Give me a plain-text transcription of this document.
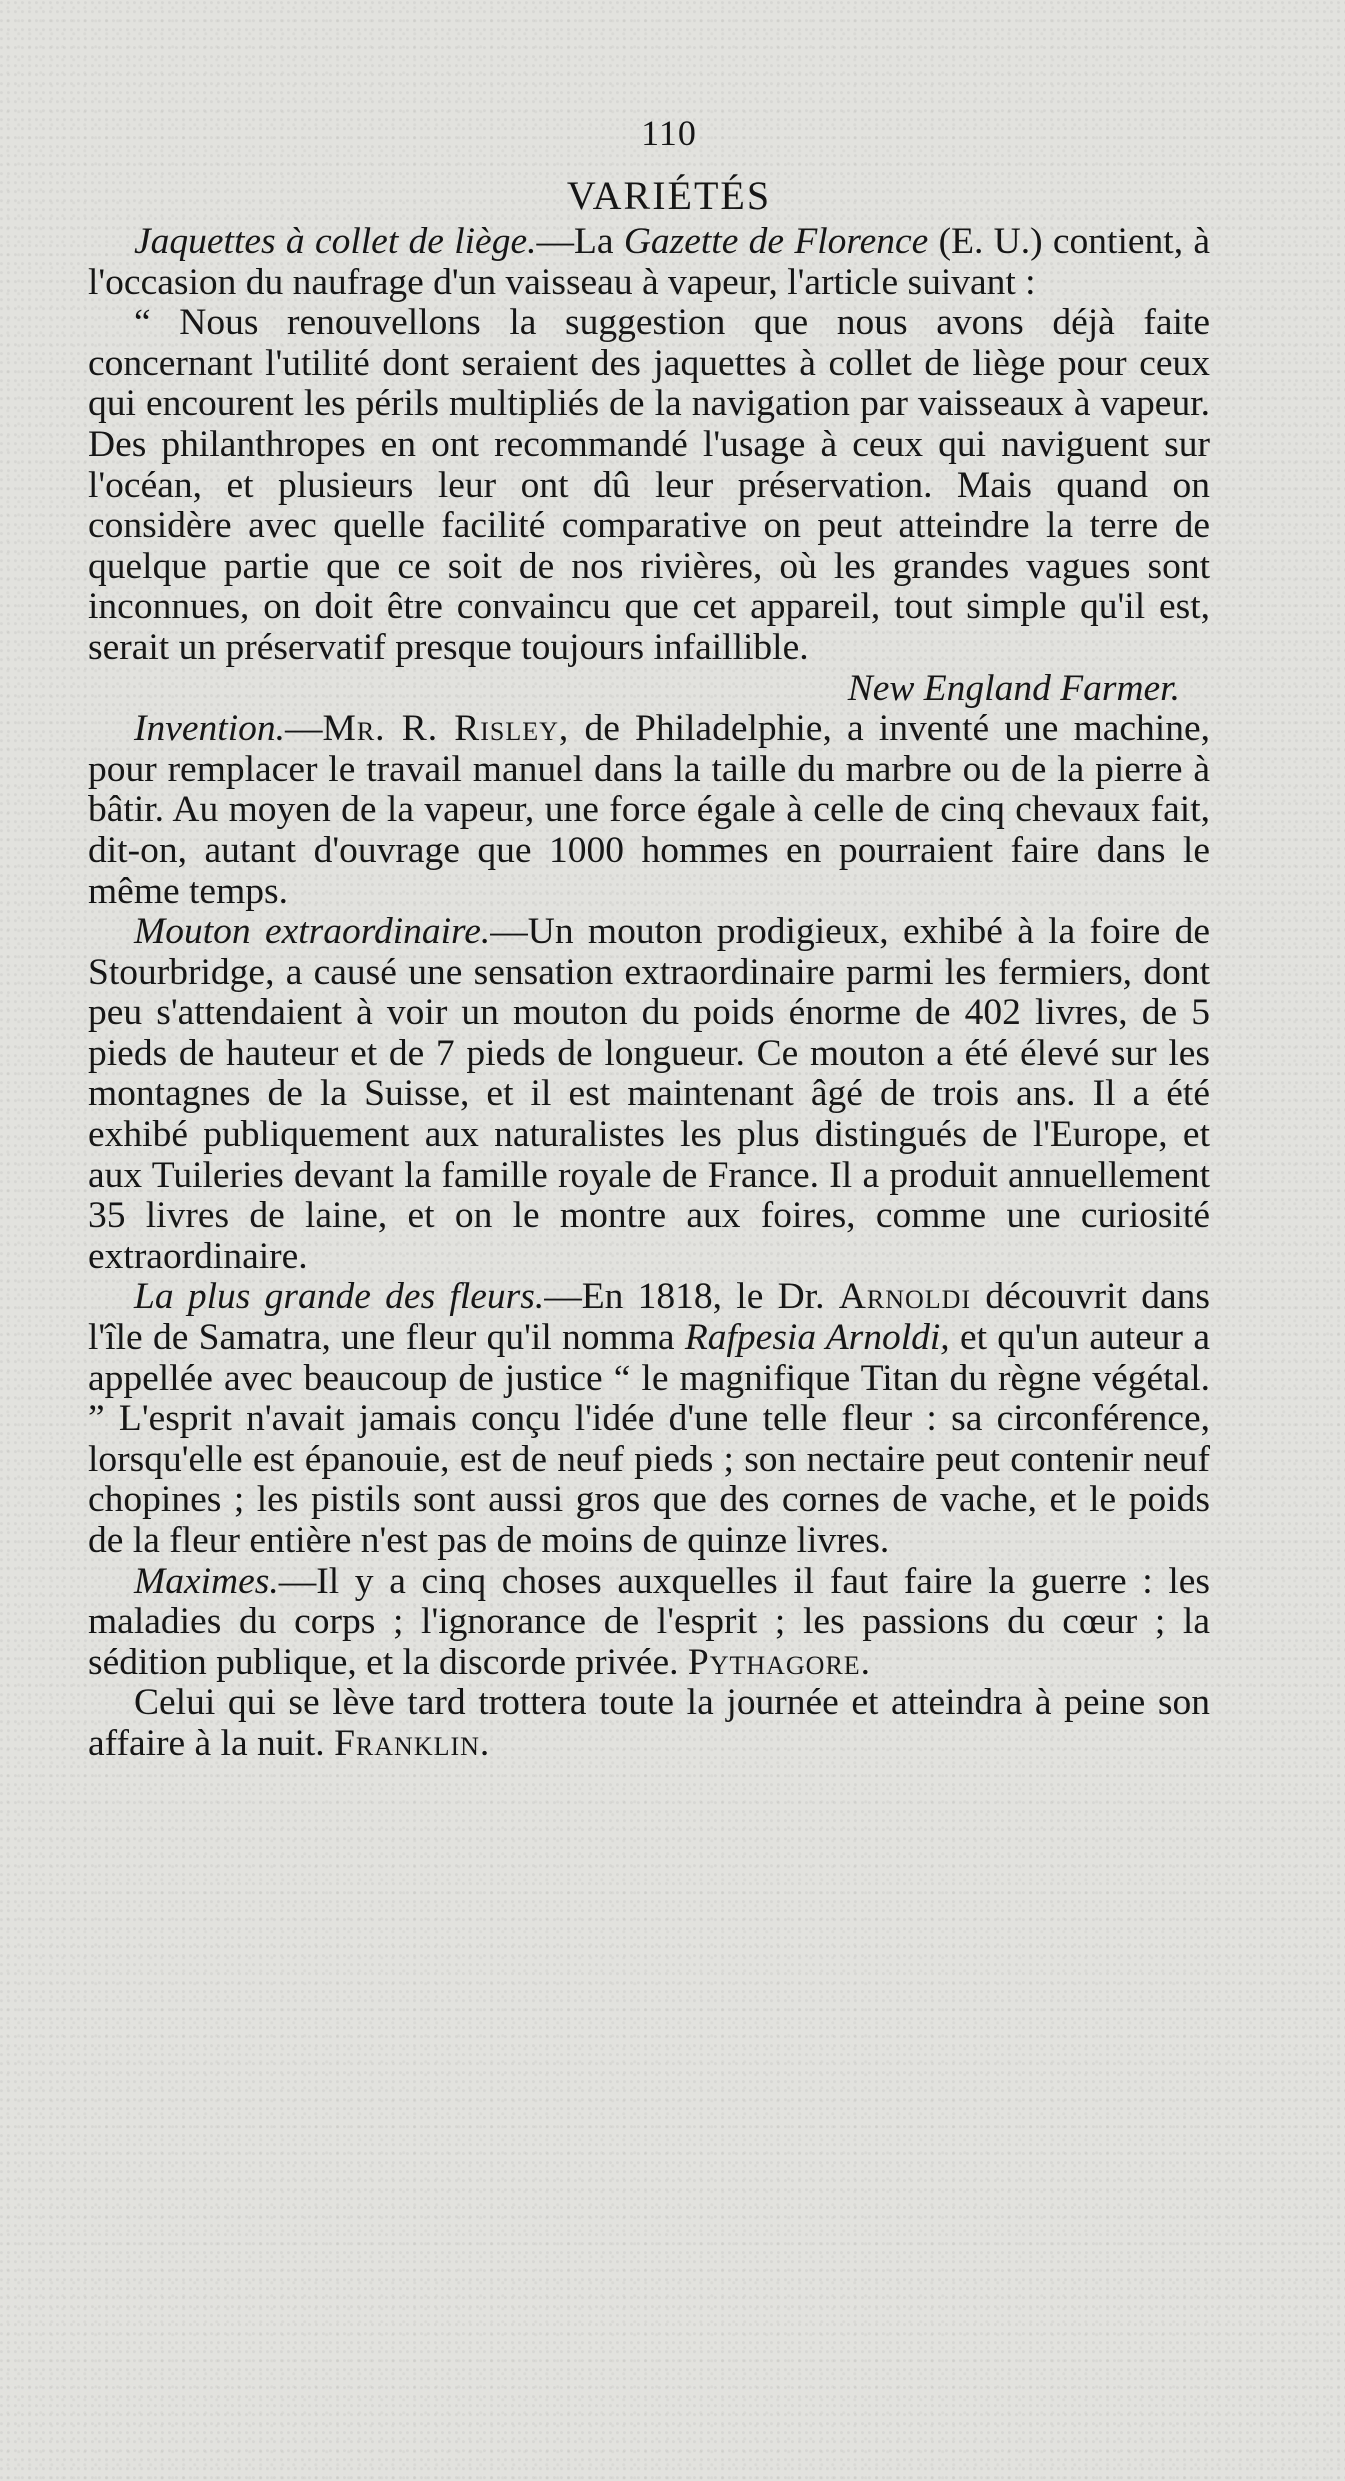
110
VARIÉTÉS

Jaquettes à collet de liège.—La Gazette de Florence (E. U.) contient, à l'occasion du naufrage d'un vaisseau à vapeur, l'article suivant :

“ Nous renouvellons la suggestion que nous avons déjà faite concernant l'utilité dont seraient des jaquettes à collet de liège pour ceux qui encourent les périls multipliés de la navigation par vaisseaux à vapeur. Des philanthropes en ont recommandé l'usage à ceux qui naviguent sur l'océan, et plusieurs leur ont dû leur préservation. Mais quand on considère avec quelle facilité comparative on peut atteindre la terre de quelque partie que ce soit de nos rivières, où les grandes vagues sont inconnues, on doit être convaincu que cet appareil, tout simple qu'il est, serait un préservatif presque toujours infaillible.

New England Farmer.

Invention.—Mr. R. Risley, de Philadelphie, a inventé une machine, pour remplacer le travail manuel dans la taille du marbre ou de la pierre à bâtir. Au moyen de la vapeur, une force égale à celle de cinq chevaux fait, dit-on, autant d'ouvrage que 1000 hommes en pourraient faire dans le même temps.

Mouton extraordinaire.—Un mouton prodigieux, exhibé à la foire de Stourbridge, a causé une sensation extraordinaire parmi les fermiers, dont peu s'attendaient à voir un mouton du poids énorme de 402 livres, de 5 pieds de hauteur et de 7 pieds de longueur. Ce mouton a été élevé sur les montagnes de la Suisse, et il est maintenant âgé de trois ans. Il a été exhibé publiquement aux naturalistes les plus distingués de l'Europe, et aux Tuileries devant la famille royale de France. Il a produit annuellement 35 livres de laine, et on le montre aux foires, comme une curiosité extraordinaire.

La plus grande des fleurs.—En 1818, le Dr. Arnoldi découvrit dans l'île de Samatra, une fleur qu'il nomma Rafpesia Arnoldi, et qu'un auteur a appellée avec beaucoup de justice “ le magnifique Titan du règne végétal. ” L'esprit n'avait jamais conçu l'idée d'une telle fleur : sa circonférence, lorsqu'elle est épanouie, est de neuf pieds ; son nectaire peut contenir neuf chopines ; les pistils sont aussi gros que des cornes de vache, et le poids de la fleur entière n'est pas de moins de quinze livres.

Maximes.—Il y a cinq choses auxquelles il faut faire la guerre : les maladies du corps ; l'ignorance de l'esprit ; les passions du cœur ; la sédition publique, et la discorde privée. Pythagore.

Celui qui se lève tard trottera toute la journée et atteindra à peine son affaire à la nuit. Franklin.
